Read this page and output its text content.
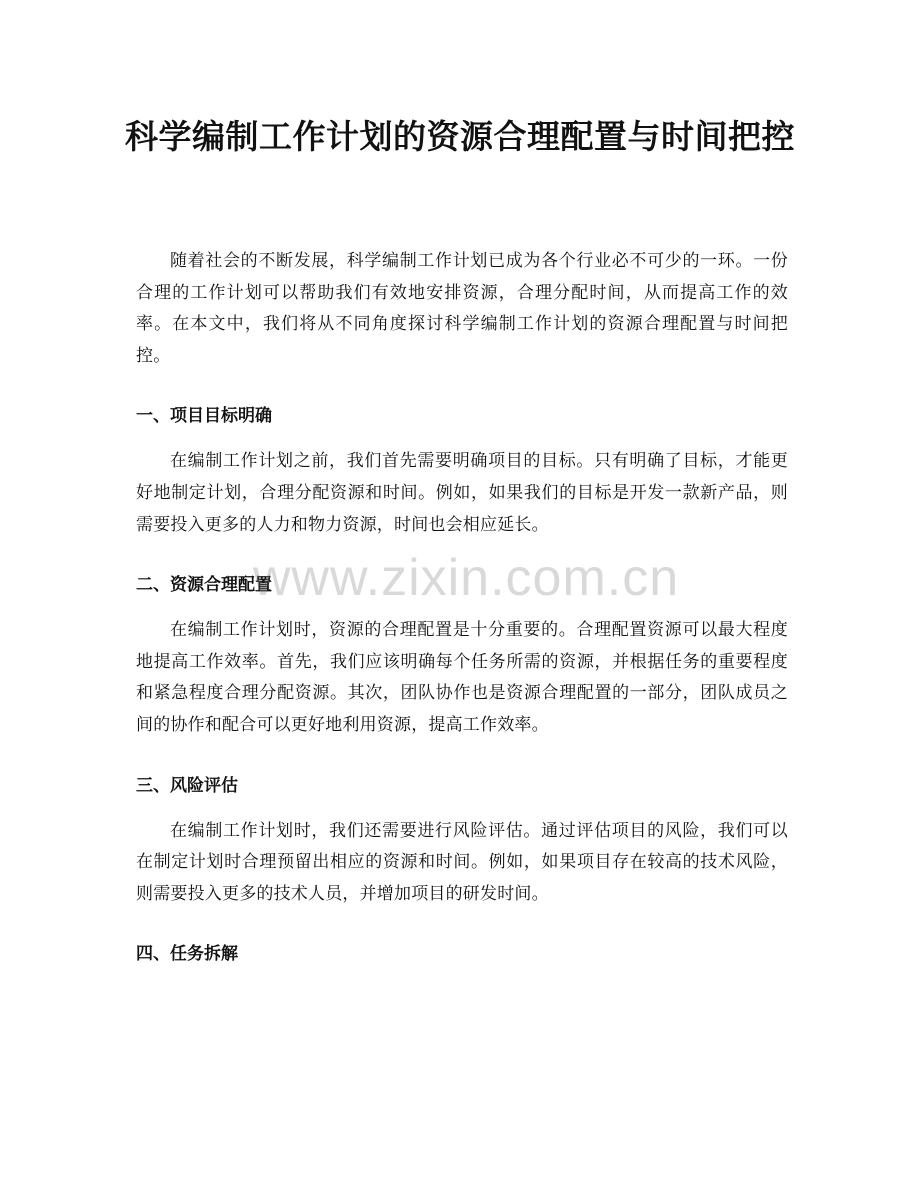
科学编制工作计划的资源合理配置与时间把控

随着社会的不断发展，科学编制工作计划已成为各个行业必不可少的一环。一份合理的工作计划可以帮助我们有效地安排资源，合理分配时间，从而提高工作的效率。在本文中，我们将从不同角度探讨科学编制工作计划的资源合理配置与时间把控。

一、项目目标明确

在编制工作计划之前，我们首先需要明确项目的目标。只有明确了目标，才能更好地制定计划，合理分配资源和时间。例如，如果我们的目标是开发一款新产品，则需要投入更多的人力和物力资源，时间也会相应延长。

二、资源合理配置

在编制工作计划时，资源的合理配置是十分重要的。合理配置资源可以最大程度地提高工作效率。首先，我们应该明确每个任务所需的资源，并根据任务的重要程度和紧急程度合理分配资源。其次，团队协作也是资源合理配置的一部分，团队成员之间的协作和配合可以更好地利用资源，提高工作效率。

三、风险评估

在编制工作计划时，我们还需要进行风险评估。通过评估项目的风险，我们可以在制定计划时合理预留出相应的资源和时间。例如，如果项目存在较高的技术风险，则需要投入更多的技术人员，并增加项目的研发时间。

四、任务拆解
www.zixin.com.cn
